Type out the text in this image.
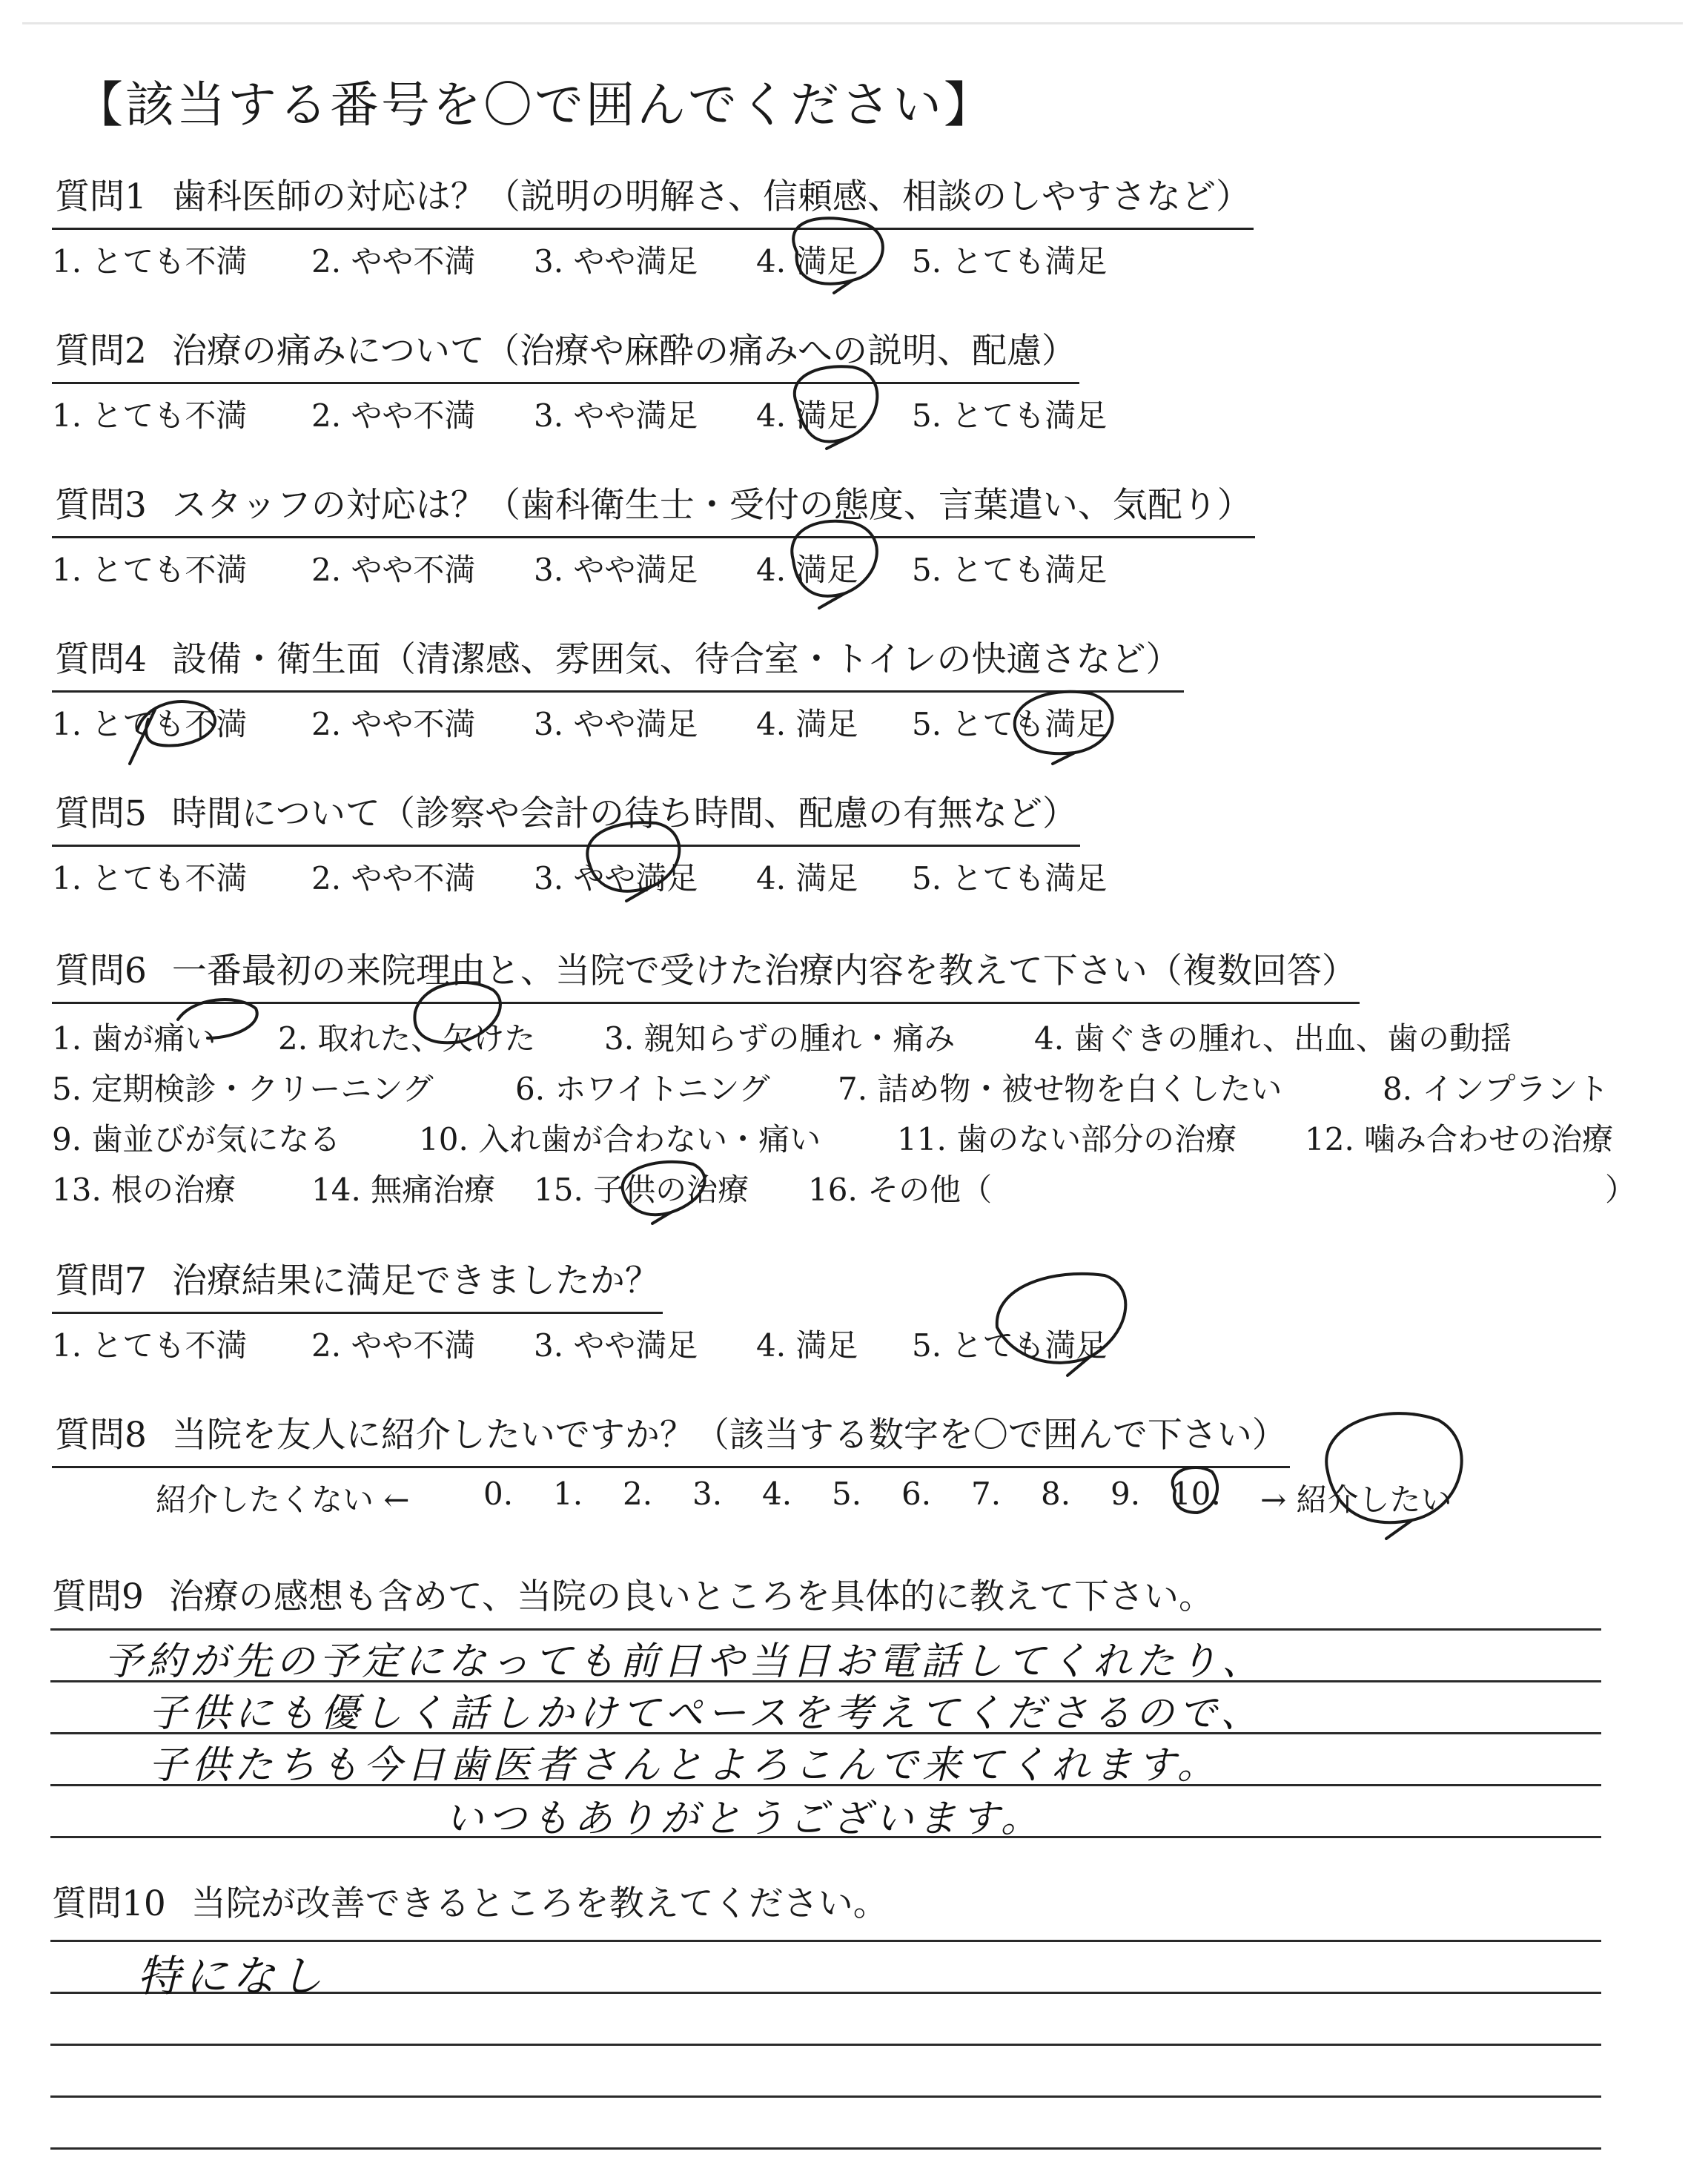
【該当する番号を〇で囲んでください】
質問1 歯科医師の対応は？（説明の明解さ、信頼感、相談のしやすさなど）
1. とても不満 2. やや不満 3. やや満足 4. 満足 5. とても満足
質問2 治療の痛みについて（治療や麻酔の痛みへの説明、配慮）
1. とても不満 2. やや不満 3. やや満足 4. 満足 5. とても満足
質問3 スタッフの対応は？（歯科衛生士・受付の態度、言葉遣い、気配り）
1. とても不満 2. やや不満 3. やや満足 4. 満足 5. とても満足
質問4 設備・衛生面（清潔感、雰囲気、待合室・トイレの快適さなど）
1. とても不満 2. やや不満 3. やや満足 4. 満足 5. とても満足
質問5 時間について（診察や会計の待ち時間、配慮の有無など）
1. とても不満 2. やや不満 3. やや満足 4. 満足 5. とても満足
質問6 一番最初の来院理由と、当院で受けた治療内容を教えて下さい（複数回答）
1. 歯が痛い 2. 取れた、欠けた 3. 親知らずの腫れ・痛み	4. 歯ぐきの腫れ、出血、歯の動揺
5. 定期検診・クリーニング	6. ホワイトニング 7. 詰め物・被せ物を白くしたい	8. インプラント
9. 歯並びが気になる	10. 入れ歯が合わない・痛い 11. 歯のない部分の治療 12. 噛み合わせの治療
13. 根の治療 14. 無痛治療 15. 子供の治療 16. その他（	）
質問7 治療結果に満足できましたか？
1. とても不満 2. やや不満 3. やや満足 4. 満足 5. とても満足
質問8 当院を友人に紹介したいですか？（該当する数字を〇で囲んで下さい）
紹介したくない ← 0. 1. 2. 3. 4. 5. 6. 7. 8. 9. 10. → 紹介したい
質問9 治療の感想も含めて、当院の良いところを具体的に教えて下さい。
予約が先の予定になっても前日や当日お電話してくれたり、
子供にも優しく話しかけてペースを考えてくださるので、
子供たちも今日歯医者さんとよろこんで来てくれます。
いつもありがとうございます。
質問10 当院が改善できるところを教えてください。
特になし
